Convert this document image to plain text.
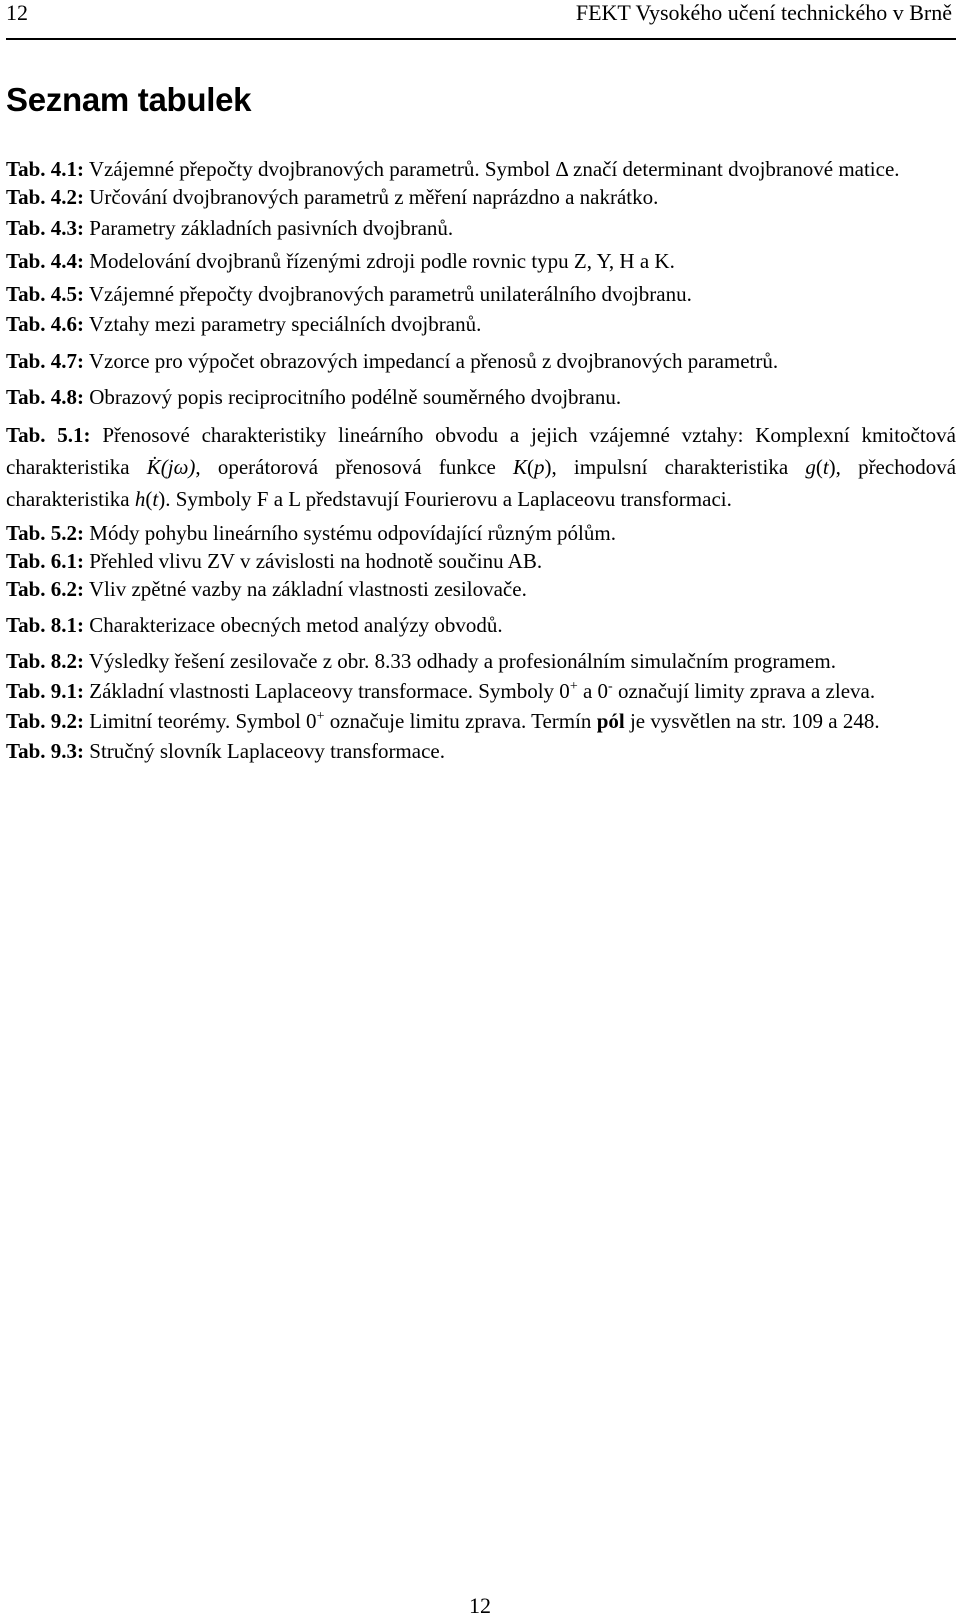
12	FEKT Vysokého učení technického v Brně
Seznam tabulek
Tab. 4.1: Vzájemné přepočty dvojbranových parametrů. Symbol Δ značí determinant dvojbranové matice.
Tab. 4.2: Určování dvojbranových parametrů z měření naprázdno a nakrátko.
Tab. 4.3: Parametry základních pasivních dvojbranů.
Tab. 4.4: Modelování dvojbranů řízenými zdroji podle rovnic typu Z, Y, H a K.
Tab. 4.5: Vzájemné přepočty dvojbranových parametrů unilaterálního dvojbranu.
Tab. 4.6: Vztahy mezi parametry speciálních dvojbranů.
Tab. 4.7: Vzorce pro výpočet obrazových impedancí a přenosů z dvojbranových parametrů.
Tab. 4.8: Obrazový popis reciprocitního podélně souměrného dvojbranu.
Tab. 5.1: Přenosové charakteristiky lineárního obvodu a jejich vzájemné vztahy: Komplexní kmitočtová charakteristika K̇(jω), operátorová přenosová funkce K(p), impulsní charakteristika g(t), přechodová charakteristika h(t). Symboly F a L představují Fourierovu a Laplaceovu transformaci.
Tab. 5.2: Módy pohybu lineárního systému odpovídající různým pólům.
Tab. 6.1: Přehled vlivu ZV v závislosti na hodnotě součinu AB.
Tab. 6.2: Vliv zpětné vazby na základní vlastnosti zesilovače.
Tab. 8.1: Charakterizace obecných metod analýzy obvodů.
Tab. 8.2: Výsledky řešení zesilovače z obr. 8.33 odhady a profesionálním simulačním programem.
Tab. 9.1: Základní vlastnosti Laplaceovy transformace. Symboly 0+ a 0- označují limity zprava a zleva.
Tab. 9.2: Limitní teorémy. Symbol 0+ označuje limitu zprava. Termín pól je vysvětlen na str. 109 a 248.
Tab. 9.3: Stručný slovník Laplaceovy transformace.
12
